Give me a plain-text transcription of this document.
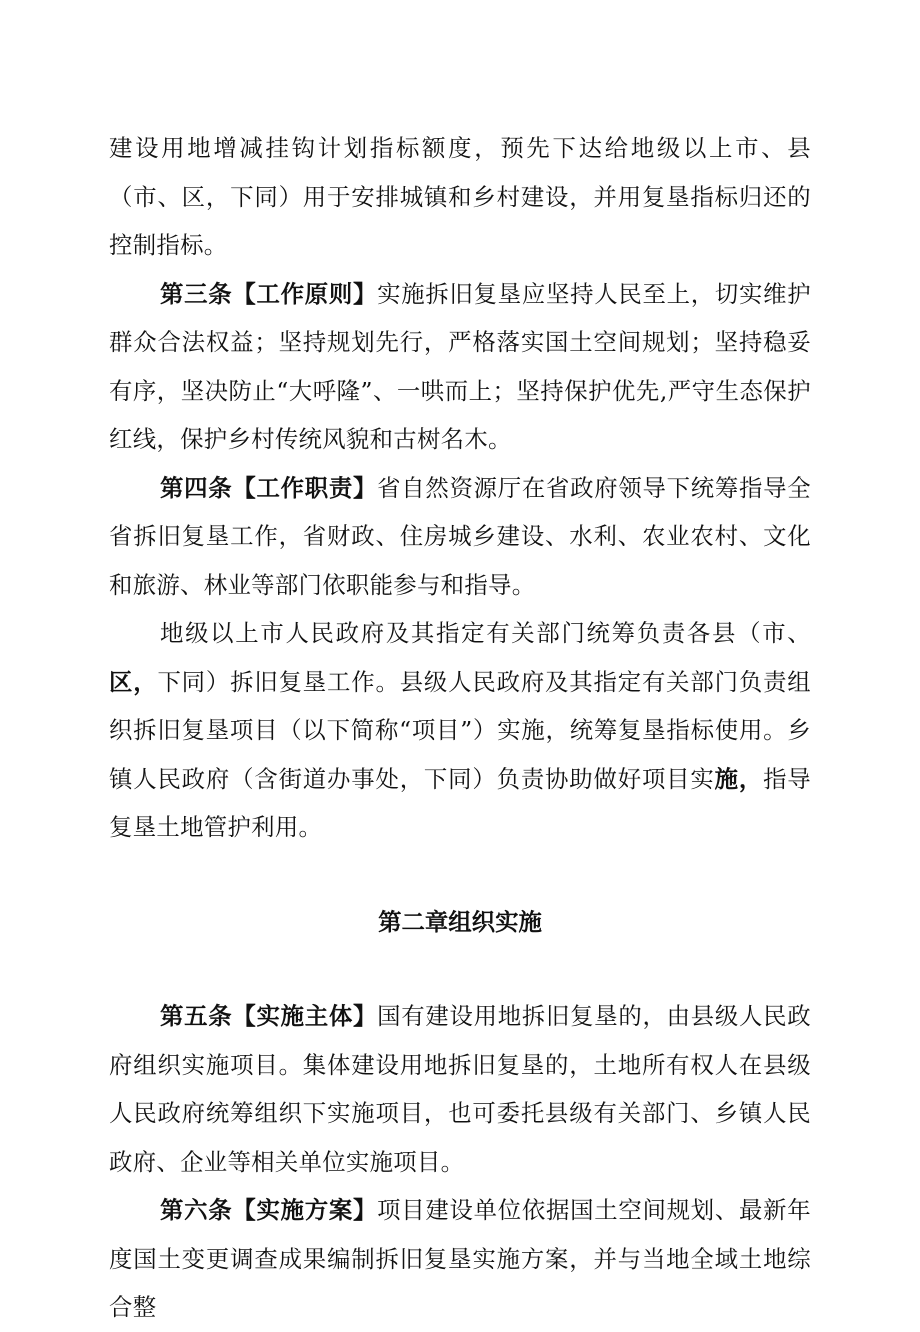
建设用地增减挂钩计划指标额度，预先下达给地级以上市、县（市、区，下同）用于安排城镇和乡村建设，并用复垦指标归还的控制指标。

第三条【工作原则】实施拆旧复垦应坚持人民至上，切实维护群众合法权益；坚持规划先行，严格落实国土空间规划；坚持稳妥有序，坚决防止“大呼隆”、一哄而上；坚持保护优先,严守生态保护红线，保护乡村传统风貌和古树名木。

第四条【工作职责】省自然资源厅在省政府领导下统筹指导全省拆旧复垦工作，省财政、住房城乡建设、水利、农业农村、文化和旅游、林业等部门依职能参与和指导。

地级以上市人民政府及其指定有关部门统筹负责各县（市、区，下同）拆旧复垦工作。县级人民政府及其指定有关部门负责组织拆旧复垦项目（以下简称“项目”）实施，统筹复垦指标使用。乡镇人民政府（含街道办事处，下同）负责协助做好项目实施，指导复垦土地管护利用。

第二章组织实施

第五条【实施主体】国有建设用地拆旧复垦的，由县级人民政府组织实施项目。集体建设用地拆旧复垦的，土地所有权人在县级人民政府统筹组织下实施项目，也可委托县级有关部门、乡镇人民政府、企业等相关单位实施项目。

第六条【实施方案】项目建设单位依据国土空间规划、最新年度国土变更调查成果编制拆旧复垦实施方案，并与当地全域土地综合整
